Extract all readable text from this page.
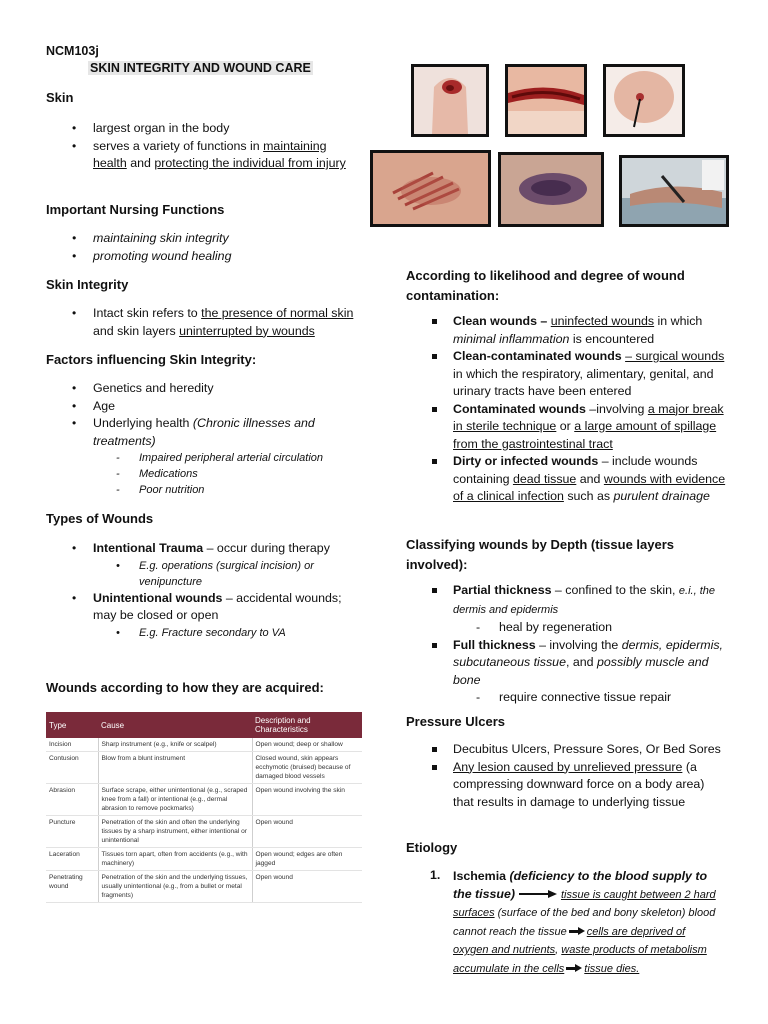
NCM103j
SKIN INTEGRITY AND WOUND CARE
Skin
• largest organ in the body
• serves a variety of functions in maintaining health and protecting the individual from injury
Important Nursing Functions
• maintaining skin integrity
• promoting wound healing
Skin Integrity
• Intact skin refers to the presence of normal skin and skin layers uninterrupted by wounds
Factors influencing Skin Integrity:
• Genetics and heredity
• Age
• Underlying health (Chronic illnesses and treatments)
- Impaired peripheral arterial circulation
- Medications
- Poor nutrition
Types of Wounds
• Intentional Trauma – occur during therapy
• E.g. operations (surgical incision) or venipuncture
• Unintentional wounds – accidental wounds; may be closed or open
• E.g. Fracture secondary to VA
Wounds according to how they are acquired:
Type	Cause	Description and Characteristics
Incision	Sharp instrument (e.g., knife or scalpel)	Open wound; deep or shallow
Contusion	Blow from a blunt instrument	Closed wound, skin appears ecchymotic (bruised) because of damaged blood vessels
Abrasion	Surface scrape, either unintentional (e.g., scraped knee from a fall) or intentional (e.g., dermal abrasion to remove pockmarks)	Open wound involving the skin
Puncture	Penetration of the skin and often the underlying tissues by a sharp instrument, either intentional or unintentional	Open wound
Laceration	Tissues torn apart, often from accidents (e.g., with machinery)	Open wound; edges are often jagged
Penetrating wound	Penetration of the skin and the underlying tissues, usually unintentional (e.g., from a bullet or metal fragments)	Open wound
According to likelihood and degree of wound contamination:
Clean wounds – uninfected wounds in which minimal inflammation is encountered
Clean-contaminated wounds – surgical wounds in which the respiratory, alimentary, genital, and urinary tracts have been entered
Contaminated wounds –involving a major break in sterile technique or a large amount of spillage from the gastrointestinal tract
Dirty or infected wounds – include wounds containing dead tissue and wounds with evidence of a clinical infection such as purulent drainage
Classifying wounds by Depth (tissue layers involved):
Partial thickness – confined to the skin, e.i., the dermis and epidermis
- heal by regeneration
Full thickness – involving the dermis, epidermis, subcutaneous tissue, and possibly muscle and bone
- require connective tissue repair
Pressure Ulcers
Decubitus Ulcers, Pressure Sores, Or Bed Sores
Any lesion caused by unrelieved pressure (a compressing downward force on a body area) that results in damage to underlying tissue
Etiology
1. Ischemia (deficiency to the blood supply to the tissue)	tissue is caught between 2 hard surfaces (surface of the bed and bony skeleton) blood cannot reach the tissue cells are deprived of oxygen and nutrients, waste products of metabolism accumulate in the cells tissue dies.
